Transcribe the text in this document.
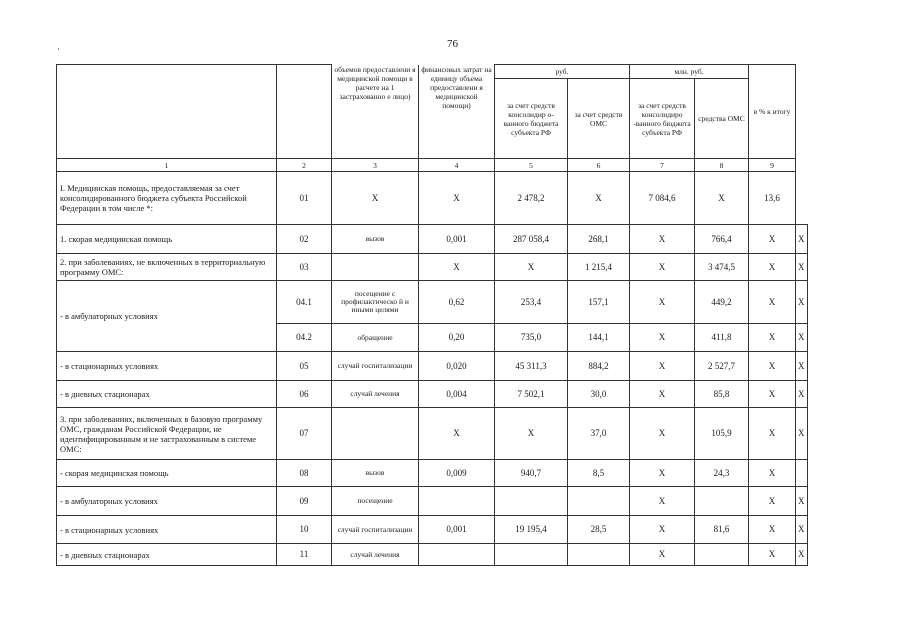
76
		объемов предоставлени я медицинской помощи в расчете на 1 застрахованно е лицо)	финансовых затрат на единицу объема предоставлени я медицинской помощи)	руб.		млн. руб.		в % к итогу	
				за счет средств консолидир о-ванного бюджета субъекта РФ	за счет средств ОМС	за счет средств консолидиро -ванного бюджета субъекта РФ	средства ОМС		
1	2	3	4	5	6	7	8	9	
I. Медицинская помощь, предоставляемая за счет консолидированного бюджета субъекта Российской Федерации в том числе *:	01	Х	Х	2 478,2	Х	7 084,6	Х	13,6	
1. скорая медицинская помощь	02	вызов	0,001	287 058,4	268,1	Х	766,4	Х	Х
2. при заболеваниях, не включенных в территориальную программу ОМС:	03		Х	Х	1 215,4	Х	3 474,5	Х	Х
- в амбулаторных условиях	04.1	посещение с профилактическо й и иными целями	0,62	253,4	157,1	Х	449,2	Х	Х
	04.2	обращение	0,20	735,0	144,1	Х	411,8	Х	Х
- в стационарных условиях	05	случай госпитализации	0,020	45 311,3	884,2	Х	2 527,7	Х	Х
- в дневных стационарах	06	случай лечения	0,004	7 502,1	30,0	Х	85,8	Х	Х
3. при заболеваниях, включенных в базовую программу ОМС, гражданам Российской Федерации, не идентифицированным и не застрахованным в системе ОМС:	07		Х	Х	37,0	Х	105,9	Х	Х
- скорая медицинская помощь	08	вызов	0,009	940,7	8,5	Х	24,3	Х	
- в амбулаторных условиях	09	посещение				Х		Х	Х
- в стационарных условиях	10	случай госпитализации	0,001	19 195,4	28,5	Х	81,6	Х	Х
- в дневных стационарах	11	случай лечения				Х		Х	Х
